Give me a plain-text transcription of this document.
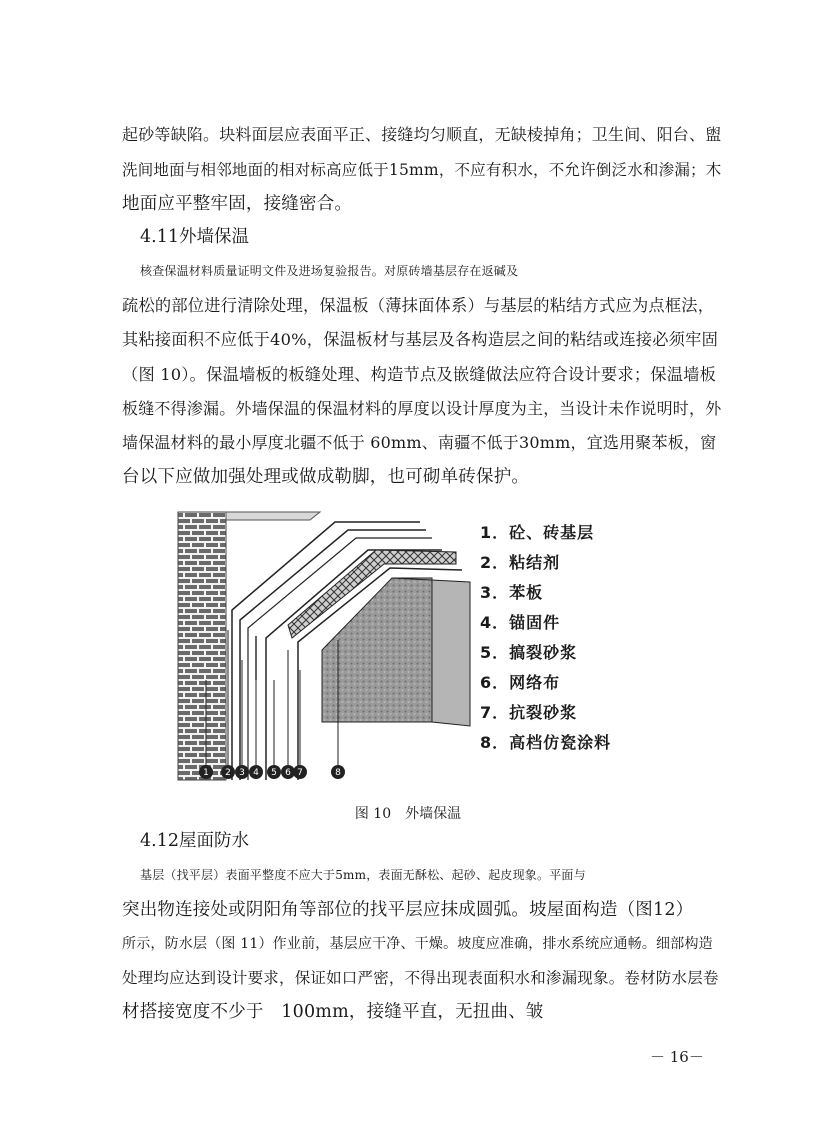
起砂等缺陷。块料面层应表面平正、接缝均匀顺直，无缺棱掉角；卫生间、阳台、盥
洗间地面与相邻地面的相对标高应低于15mm，不应有积水，不允许倒泛水和渗漏；木
地面应平整牢固，接缝密合。
4.11外墙保温
核查保温材料质量证明文件及进场复验报告。对原砖墙基层存在返碱及
疏松的部位进行清除处理，保温板（薄抹面体系）与基层的粘结方式应为点框法，
其粘接面积不应低于40%，保温板材与基层及各构造层之间的粘结或连接必须牢固
（图 10）。保温墙板的板缝处理、构造节点及嵌缝做法应符合设计要求；保温墙板
板缝不得渗漏。外墙保温的保温材料的厚度以设计厚度为主，当设计未作说明时，外
墙保温材料的最小厚度北疆不低于 60mm、南疆不低于30mm，宜选用聚苯板，窗
台以下应做加强处理或做成勒脚，也可砌单砖保护。
1 2 3 4 5 6 7	8
1．砼、砖基层
2．粘结剂
3．苯板
4．锚固件
5．搞裂砂浆
6．网络布
7．抗裂砂浆
8．高档仿瓷涂料
图 10　外墙保温
4.12屋面防水
基层（找平层）表面平整度不应大于5mm，表面无酥松、起砂、起皮现象。平面与
突出物连接处或阴阳角等部位的找平层应抹成圆弧。坡屋面构造（图12）
所示，防水层（图 11）作业前，基层应干净、干燥。坡度应准确，排水系统应通畅。细部构造
处理均应达到设计要求，保证如口严密，不得出现表面积水和渗漏现象。卷材防水层卷
材搭接宽度不少于　100mm，接缝平直，无扭曲、皱
－ 16－
